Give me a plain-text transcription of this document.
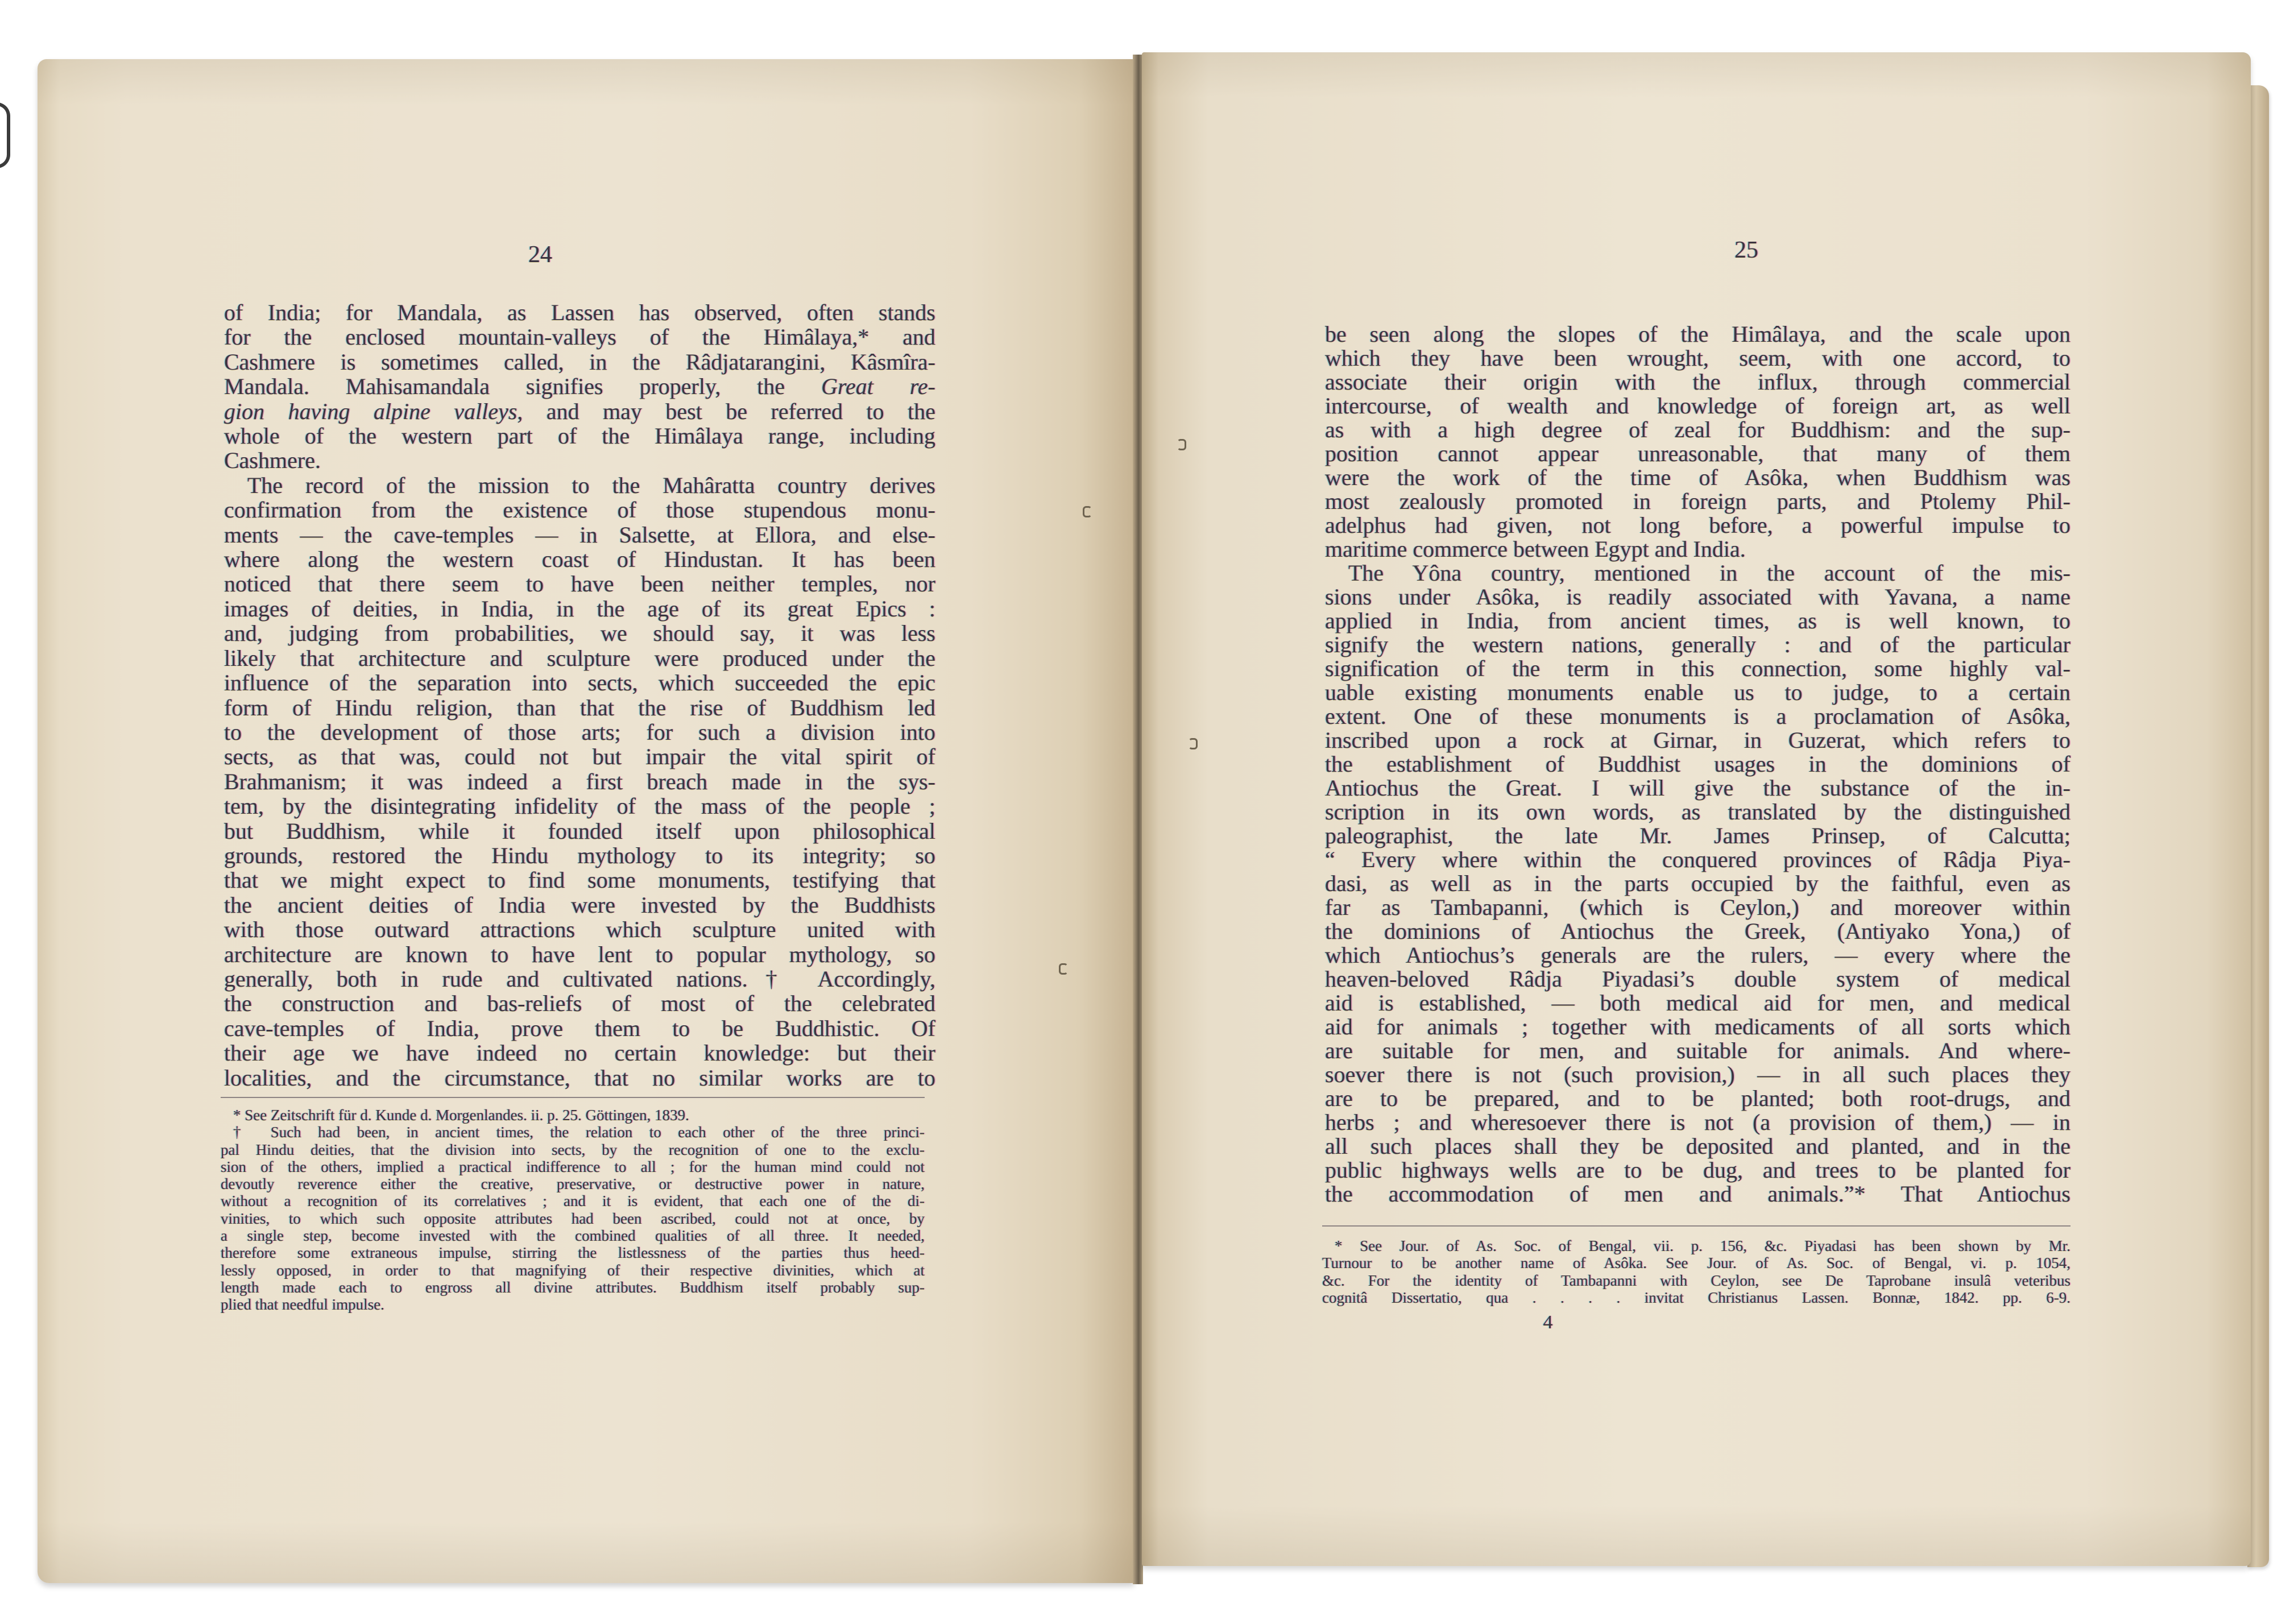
24
of India; for Mandala, as Lassen has observed, often stands
for the enclosed mountain-valleys of the Himâlaya,* and
Cashmere is sometimes called, in the Râdjatarangini, Kâsmîra-
Mandala. Mahisamandala signifies properly, the Great re-
gion having alpine valleys, and may best be referred to the
whole of the western part of the Himâlaya range, including
Cashmere.
The record of the mission to the Mahâratta country derives
confirmation from the existence of those stupendous monu-
ments — the cave-temples — in Salsette, at Ellora, and else-
where along the western coast of Hindustan. It has been
noticed that there seem to have been neither temples, nor
images of deities, in India, in the age of its great Epics :
and, judging from probabilities, we should say, it was less
likely that architecture and sculpture were produced under the
influence of the separation into sects, which succeeded the epic
form of Hindu religion, than that the rise of Buddhism led
to the development of those arts; for such a division into
sects, as that was, could not but impair the vital spirit of
Brahmanism; it was indeed a first breach made in the sys-
tem, by the disintegrating infidelity of the mass of the people ;
but Buddhism, while it founded itself upon philosophical
grounds, restored the Hindu mythology to its integrity; so
that we might expect to find some monuments, testifying that
the ancient deities of India were invested by the Buddhists
with those outward attractions which sculpture united with
architecture are known to have lent to popular mythology, so
generally, both in rude and cultivated nations.† Accordingly,
the construction and bas-reliefs of most of the celebrated
cave-temples of India, prove them to be Buddhistic. Of
their age we have indeed no certain knowledge: but their
localities, and the circumstance, that no similar works are to
* See Zeitschrift für d. Kunde d. Morgenlandes. ii. p. 25. Göttingen, 1839.
† Such had been, in ancient times, the relation to each other of the three princi-
pal Hindu deities, that the division into sects, by the recognition of one to the exclu-
sion of the others, implied a practical indifference to all ; for the human mind could not
devoutly reverence either the creative, preservative, or destructive power in nature,
without a recognition of its correlatives ; and it is evident, that each one of the di-
vinities, to which such opposite attributes had been ascribed, could not at once, by
a single step, become invested with the combined qualities of all three. It needed,
therefore some extraneous impulse, stirring the listlessness of the parties thus heed-
lessly opposed, in order to that magnifying of their respective divinities, which at
length made each to engross all divine attributes. Buddhism itself probably sup-
plied that needful impulse.
25
be seen along the slopes of the Himâlaya, and the scale upon
which they have been wrought, seem, with one accord, to
associate their origin with the influx, through commercial
intercourse, of wealth and knowledge of foreign art, as well
as with a high degree of zeal for Buddhism: and the sup-
position cannot appear unreasonable, that many of them
were the work of the time of Asôka, when Buddhism was
most zealously promoted in foreign parts, and Ptolemy Phil-
adelphus had given, not long before, a powerful impulse to
maritime commerce between Egypt and India.
The Yôna country, mentioned in the account of the mis-
sions under Asôka, is readily associated with Yavana, a name
applied in India, from ancient times, as is well known, to
signify the western nations, generally : and of the particular
signification of the term in this connection, some highly val-
uable existing monuments enable us to judge, to a certain
extent. One of these monuments is a proclamation of Asôka,
inscribed upon a rock at Girnar, in Guzerat, which refers to
the establishment of Buddhist usages in the dominions of
Antiochus the Great. I will give the substance of the in-
scription in its own words, as translated by the distinguished
paleographist, the late Mr. James Prinsep, of Calcutta;
“ Every where within the conquered provinces of Râdja Piya-
dasi, as well as in the parts occupied by the faithful, even as
far as Tambapanni, (which is Ceylon,) and moreover within
the dominions of Antiochus the Greek, (Antiyako Yona,) of
which Antiochus’s generals are the rulers, — every where the
heaven-beloved Râdja Piyadasi’s double system of medical
aid is established, — both medical aid for men, and medical
aid for animals ; together with medicaments of all sorts which
are suitable for men, and suitable for animals. And where-
soever there is not (such provision,) — in all such places they
are to be prepared, and to be planted; both root-drugs, and
herbs ; and wheresoever there is not (a provision of them,) — in
all such places shall they be deposited and planted, and in the
public highways wells are to be dug, and trees to be planted for
the accommodation of men and animals.”* That Antiochus
* See Jour. of As. Soc. of Bengal, vii. p. 156, &c. Piyadasi has been shown by Mr.
Turnour to be another name of Asôka. See Jour. of As. Soc. of Bengal, vi. p. 1054,
&c. For the identity of Tambapanni with Ceylon, see De Taprobane insulâ veteribus
cognitâ Dissertatio, qua . . . . invitat Christianus Lassen. Bonnæ, 1842. pp. 6-9.
4
